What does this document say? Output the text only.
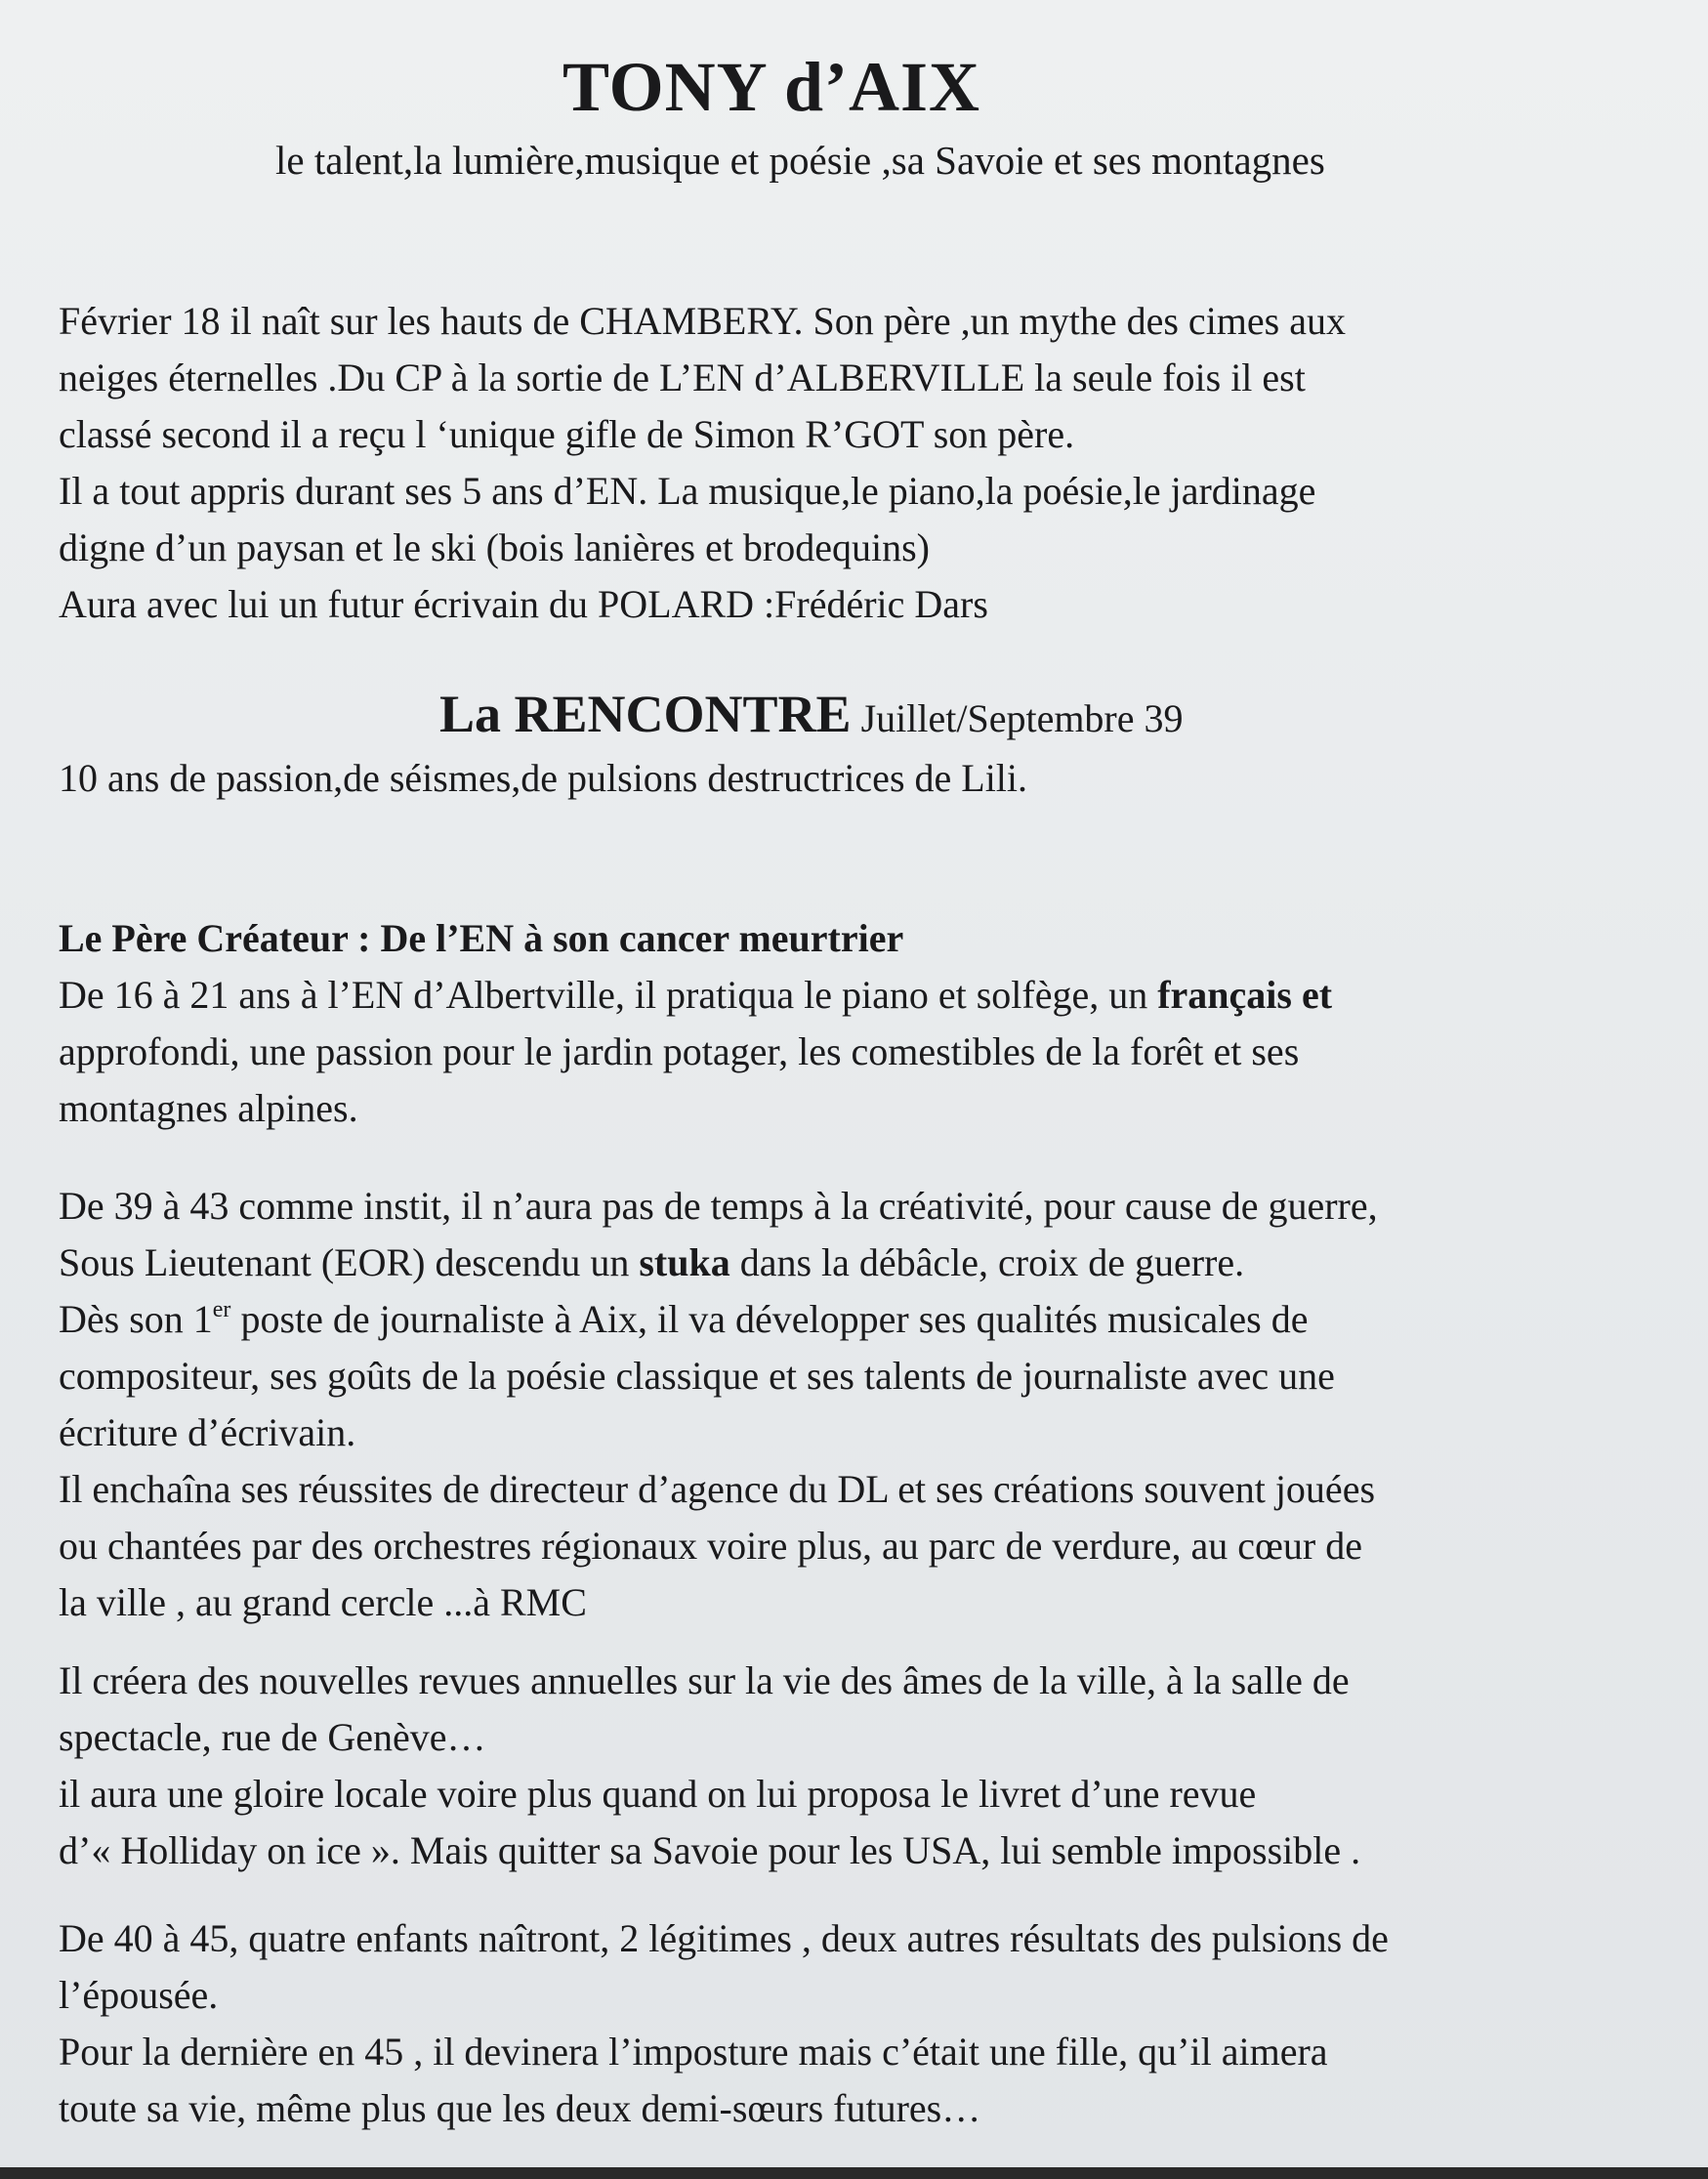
TONY d’AIX

le talent,la lumière,musique et poésie ,sa Savoie et ses montagnes

Février 18 il naît sur les hauts de CHAMBERY. Son père ,un mythe des cimes aux
neiges éternelles .Du CP à la sortie de L’EN d’ALBERVILLE la seule fois il est
classé second il a reçu l ‘unique gifle de Simon R’GOT son père.
Il a tout appris durant ses 5 ans d’EN. La musique,le piano,la poésie,le jardinage
digne d’un paysan et le ski (bois lanières et brodequins)
Aura avec lui un futur écrivain du POLARD :Frédéric Dars
La RENCONTRE Juillet/Septembre 39
10 ans de passion,de séismes,de pulsions destructrices de Lili.
Le Père Créateur : De l’EN à son cancer meurtrier
De 16 à 21 ans à l’EN d’Albertville, il pratiqua le piano et solfège, un français et
approfondi, une passion pour le jardin potager, les comestibles de la forêt et ses
montagnes alpines.
De 39 à 43 comme instit, il n’aura pas de temps à la créativité, pour cause de guerre,
Sous Lieutenant (EOR) descendu un stuka dans la débâcle, croix de guerre.
Dès son 1er poste de journaliste à Aix, il va développer ses qualités musicales de
compositeur, ses goûts de la poésie classique et ses talents de journaliste avec une
écriture d’écrivain.
Il enchaîna ses réussites de directeur d’agence du DL et ses créations souvent jouées
ou chantées par des orchestres régionaux voire plus, au parc de verdure, au cœur de
la ville , au grand cercle ...à RMC
Il créera des nouvelles revues annuelles sur la vie des âmes de la ville, à la salle de
spectacle, rue de Genève…
il aura une gloire locale voire plus quand on lui proposa le livret d’une revue
d’« Holliday on ice ». Mais quitter sa Savoie pour les USA, lui semble impossible .
De 40 à 45, quatre enfants naîtront, 2 légitimes , deux autres résultats des pulsions de
l’épousée.
Pour la dernière en 45 , il devinera l’imposture mais c’était une fille, qu’il aimera
toute sa vie, même plus que les deux demi-sœurs futures…
